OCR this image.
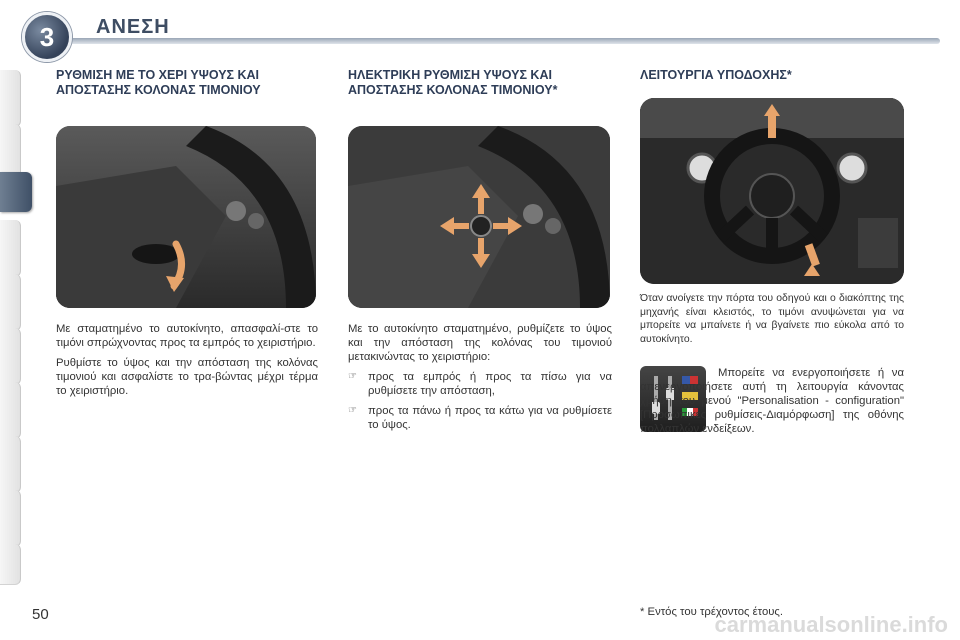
3	ΑΝΕΣΗ
ΡΥΘΜΙΣΗ ΜΕ ΤΟ ΧΕΡΙ ΥΨΟΥΣ ΚΑΙ ΑΠΟΣΤΑΣΗΣ ΚΟΛΟΝΑΣ ΤΙΜΟΝΙΟΥ

Με σταματημένο το αυτοκίνητο, απασφαλί-στε το τιμόνι σπρώχνοντας προς τα εμπρός το χειριστήριο.

Ρυθμίστε το ύψος και την απόσταση της κολόνας τιμονιού και ασφαλίστε το τρα-βώντας μέχρι τέρμα το χειριστήριο.

ΗΛΕΚΤΡΙΚΗ ΡΥΘΜΙΣΗ ΥΨΟΥΣ ΚΑΙ ΑΠΟΣΤΑΣΗΣ ΚΟΛΟΝΑΣ ΤΙΜΟΝΙΟΥ*

Με το αυτοκίνητο σταματημένο, ρυθμίζετε το ύψος και την απόσταση της κολόνας του τιμονιού μετακινώντας το χειριστήριο:

☞ προς τα εμπρός ή προς τα πίσω για να ρυθμίσετε την απόσταση,
☞ προς τα πάνω ή προς τα κάτω για να ρυθμίσετε το ύψος.
ΛΕΙΤΟΥΡΓΙΑ ΥΠΟΔΟΧΗΣ*
Όταν ανοίγετε την πόρτα του οδηγού και ο διακόπτης της μηχανής είναι κλειστός, το τιμόνι ανυψώνεται για να μπορείτε να μπαίνετε ή να βγαίνετε πιο εύκολα από το αυτοκίνητο.
Μπορείτε να ενεργοποιήσετε ή να απενεργοποιήσετε αυτή τη λειτουργία κάνοντας χρήση του μενού "Personalisation - configuration" [Προσωπικές ρυθμίσεις-Διαμόρφωση] της οθόνης πολλαπλών ενδείξεων.
50	* Εντός του τρέχοντος έτους.
carmanualsonline.info
